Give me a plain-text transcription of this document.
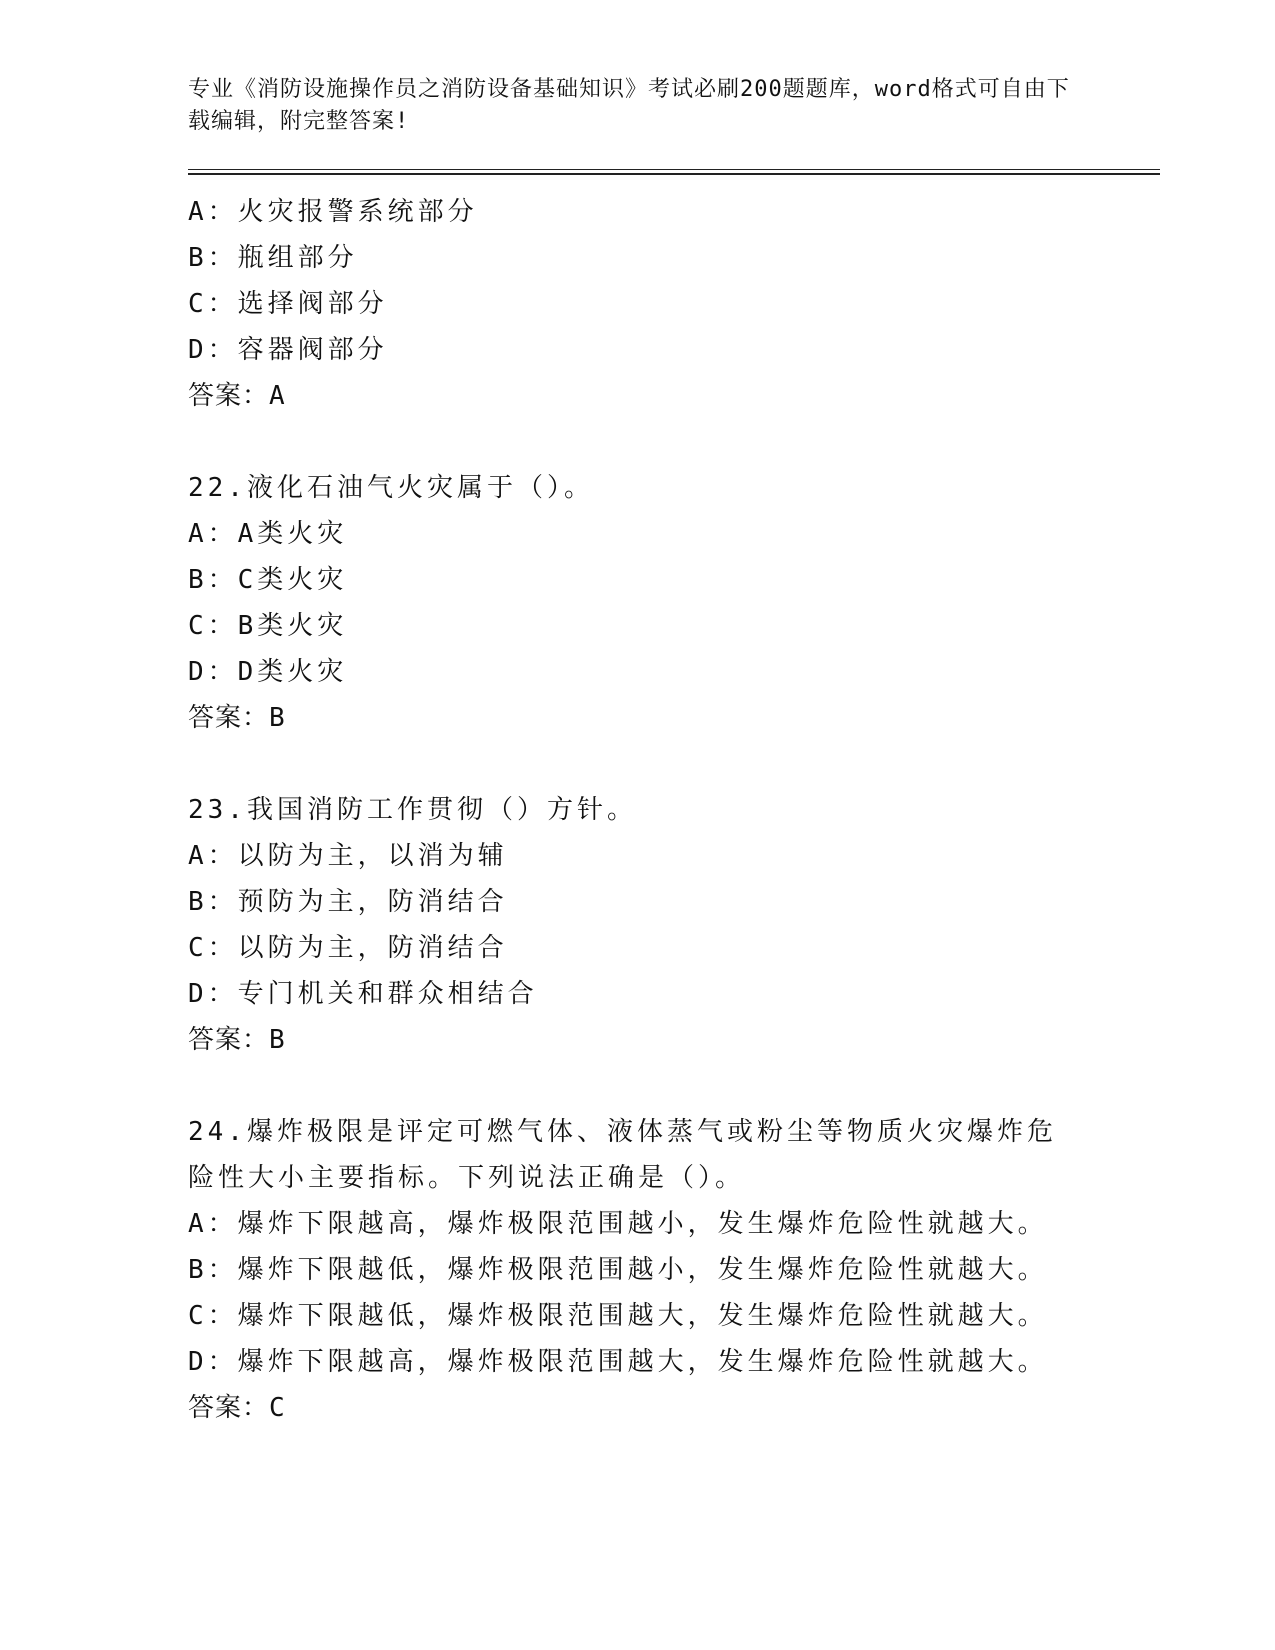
专业《消防设施操作员之消防设备基础知识》考试必刷200题题库，word格式可自由下载编辑，附完整答案!
A：火灾报警系统部分
B：瓶组部分
C：选择阀部分
D：容器阀部分
答案：A
22.液化石油气火灾属于（）。
A：A类火灾
B：C类火灾
C：B类火灾
D：D类火灾
答案：B
23.我国消防工作贯彻（）方针。
A：以防为主，以消为辅
B：预防为主，防消结合
C：以防为主，防消结合
D：专门机关和群众相结合
答案：B
24.爆炸极限是评定可燃气体、液体蒸气或粉尘等物质火灾爆炸危险性大小主要指标。下列说法正确是（）。
A：爆炸下限越高，爆炸极限范围越小，发生爆炸危险性就越大。
B：爆炸下限越低，爆炸极限范围越小，发生爆炸危险性就越大。
C：爆炸下限越低，爆炸极限范围越大，发生爆炸危险性就越大。
D：爆炸下限越高，爆炸极限范围越大，发生爆炸危险性就越大。
答案：C
